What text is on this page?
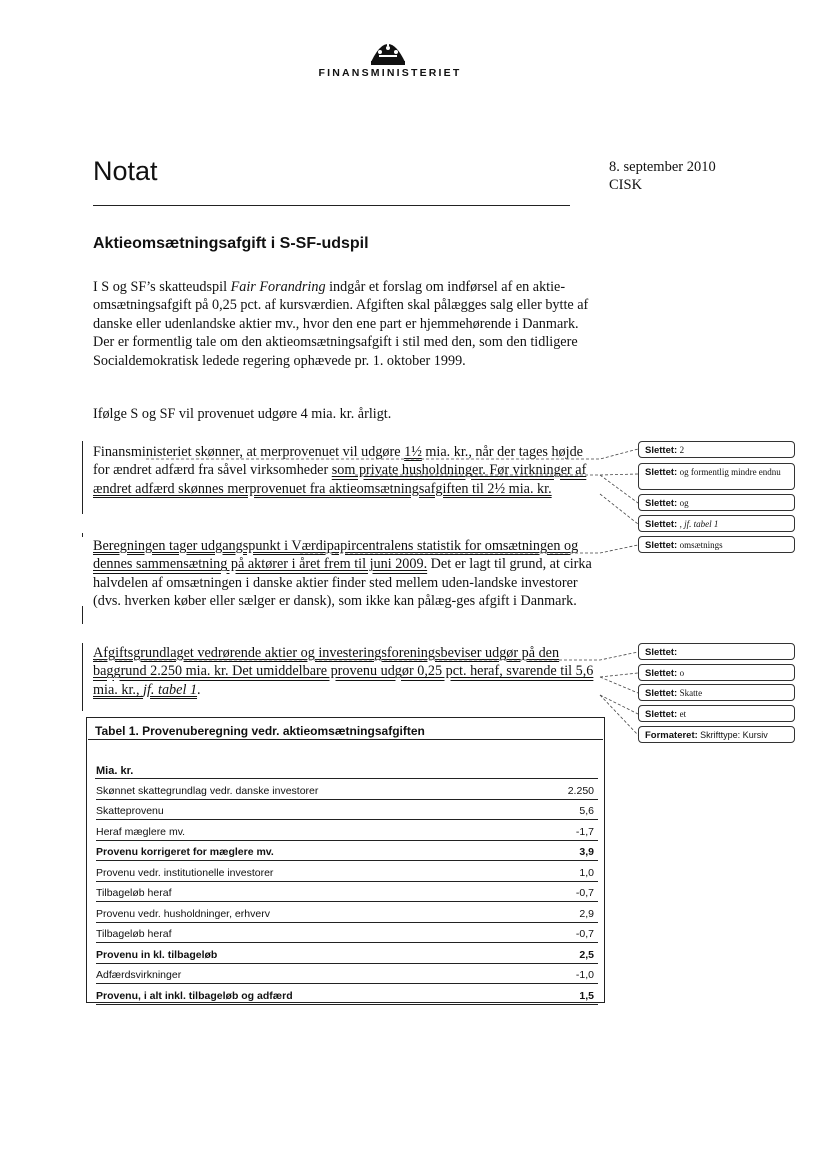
FINANSMINISTERIET
Notat	8. september 2010
CISK
Aktieomsætningsafgift i S-SF-udspil
I S og SF’s skatteudspil Fair Forandring indgår et forslag om indførsel af en aktie-omsætningsafgift på 0,25 pct. af kursværdien. Afgiften skal pålægges salg eller bytte af danske eller udenlandske aktier mv., hvor den ene part er hjemmehørende i Danmark. Der er formentlig tale om den aktieomsætningsafgift i stil med den, som den tidligere Socialdemokratisk ledede regering ophævede pr. 1. oktober 1999.
Ifølge S og SF vil provenuet udgøre 4 mia. kr. årligt.
Finansministeriet skønner, at merprovenuet vil udgøre 1½ mia. kr., når der tages højde for ændret adfærd fra såvel virksomheder som private husholdninger. Før virkninger af ændret adfærd skønnes merprovenuet fra aktieomsætningsafgiften til 2½ mia. kr.
Beregningen tager udgangspunkt i Værdipapircentralens statistik for omsætningen og dennes sammensætning på aktører i året frem til juni 2009. Det er lagt til grund, at cirka halvdelen af omsætningen i danske aktier finder sted mellem uden-landske investorer (dvs. hverken køber eller sælger er dansk), som ikke kan pålæg-ges afgift i Danmark.
Afgiftsgrundlaget vedrørende aktier og investeringsforeningsbeviser udgør på den baggrund 2.250 mia. kr. Det umiddelbare provenu udgør 0,25 pct. heraf, svarende til 5,6 mia. kr., jf. tabel 1.
Slettet: 2
Slettet: og formentlig mindre endnu
Slettet: og
Slettet: , jf. tabel 1
Slettet: omsætnings
Slettet:
Slettet: o
Slettet: Skatte
Slettet: et
Formateret: Skrifttype: Kursiv
Tabel 1. Provenuberegning vedr. aktieomsætningsafgiften
Mia. kr.
Skønnet skattegrundlag vedr. danske investorer	2.250
Skatteprovenu	5,6
Heraf mæglere mv.	-1,7
Provenu korrigeret for mæglere mv.	3,9
Provenu vedr. institutionelle investorer	1,0
Tilbageløb heraf	-0,7
Provenu vedr. husholdninger, erhverv	2,9
Tilbageløb heraf	-0,7
Provenu in kl. tilbageløb	2,5
Adfærdsvirkninger	-1,0
Provenu, i alt inkl. tilbageløb og adfærd	1,5
